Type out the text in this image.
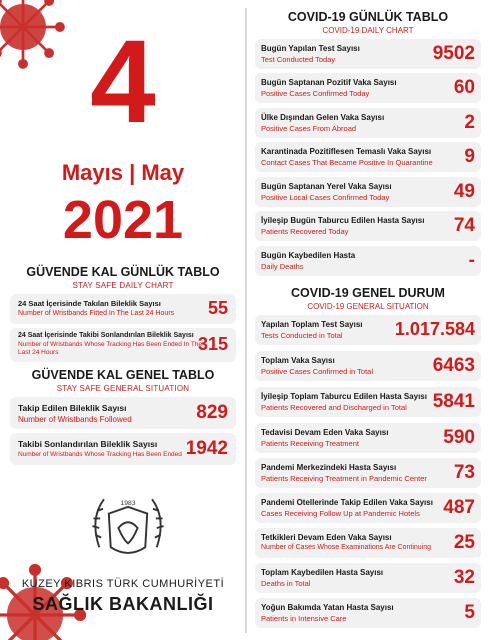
4
Mayıs | May
2021
GÜVENDE KAL GÜNLÜK TABLO
STAY SAFE DAILY CHART
24 Saat İçerisinde Takılan Bileklik Sayısı
Number of Wristbands Fitted In The Last 24 Hours	55
24 Saat İçerisinde Takibi Sonlandırılan Bileklik Sayısı
Number of Wristbands Whose Tracking Has Been Ended In The Last 24 Hours	315
GÜVENDE KAL GENEL TABLO
STAY SAFE GENERAL SITUATION
Takip Edilen Bileklik Sayısı
Number of Wristbands Followed	829
Takibi Sonlandırılan Bileklik Sayısı
Number of Wristbands Whose Tracking Has Been Ended 1942
1983
KUZEY KIBRIS TÜRK CUMHURİYETİ
SAĞLIK BAKANLIĞI
COVID-19 GÜNLÜK TABLO
COVID-19 DAILY CHART
Bugün Yapılan Test Sayısı
Test Conducted Today	9502
Bugün Saptanan Pozitif Vaka Sayısı
Positive Cases Confirmed Today	60
Ülke Dışından Gelen Vaka Sayısı
Positive Cases From Abroad	2
Karantinada Pozitiflesen Temaslı Vaka Sayısı
Contact Cases That Became Positive In Quarantine 9
Bugün Saptanan Yerel Vaka Sayısı
Positive Local Cases Confirmed Today	49
İyileşip Bugün Taburcu Edilen Hasta Sayısı
Patients Recovered Today	74
Bugün Kaybedilen Hasta
Daily Deaths	-
COVID-19 GENEL DURUM
COVID-19 GENERAL SITUATION
Yapılan Toplam Test Sayısı
Tests Conducted in Total	1.017.584
Toplam Vaka Sayısı
Positive Cases Confirmed in Total	6463
İyileşip Toplam Taburcu Edilen Hasta Sayısı
Patients Recovered and Discharged in Total 5841
Tedavisi Devam Eden Vaka Sayısı
Patients Receiving Treatment	590
Pandemi Merkezindeki Hasta Sayısı
Patients Receiving Treatment in Pandemic Center 73
Pandemi Otellerinde Takip Edilen Vaka Sayısı
Cases Receiving Follow Up at Pandemic Hotels 487
Tetkikleri Devam Eden Vaka Sayısı
Number of Cases Whose Examinations Are Continuing 25
Toplam Kaybedilen Hasta Sayısı
Deaths in Total	32
Yoğun Bakımda Yatan Hasta Sayısı
Patients in Intensive Care	5
